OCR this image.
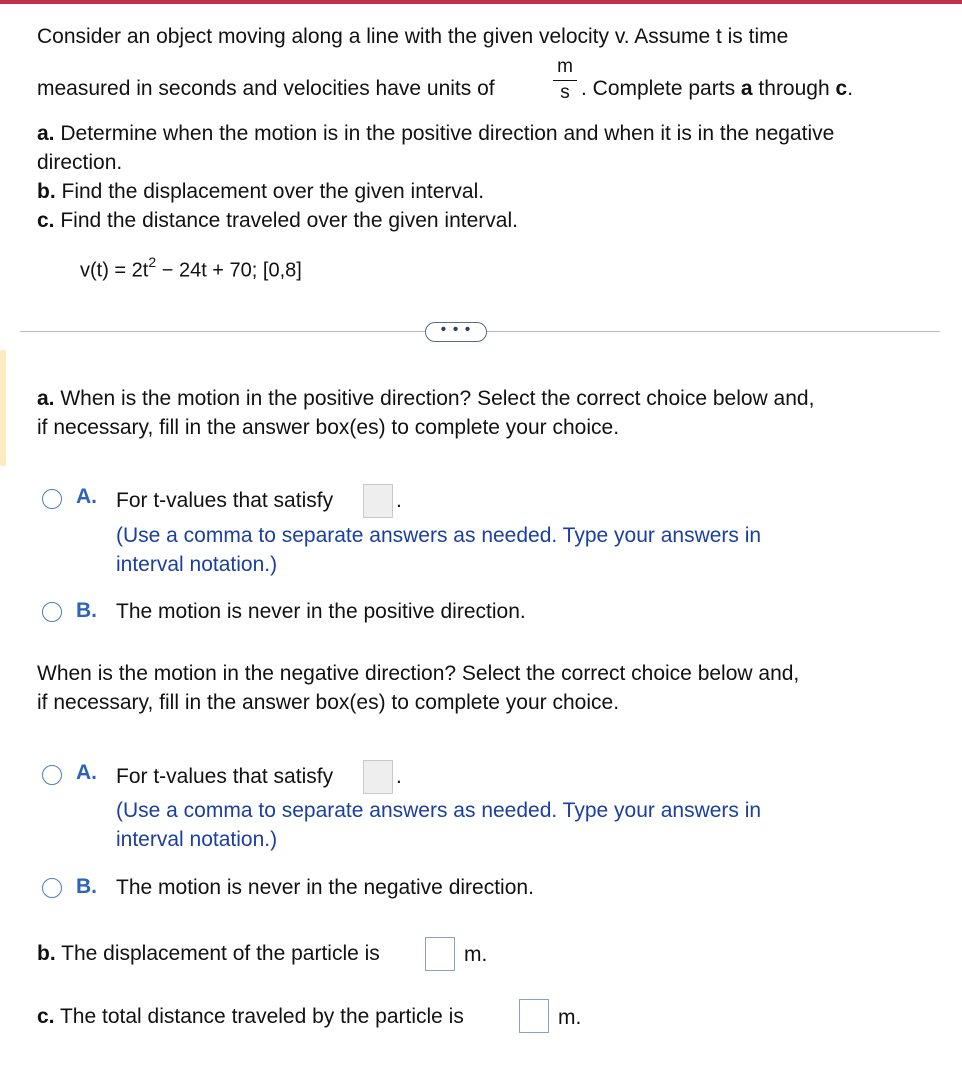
Consider an object moving along a line with the given velocity v. Assume t is time
measured in seconds and velocities have units of
m
s . Complete parts a through c.
a. Determine when the motion is in the positive direction and when it is in the negative
direction.
b. Find the displacement over the given interval.
c. Find the distance traveled over the given interval.
$v(t) = 2t^2 - 24t + 70$; [0,8]
• • •
a. When is the motion in the positive direction? Select the correct choice below and,
if necessary, fill in the answer box(es) to complete your choice.
A. For t-values that satisfy	.
(Use a comma to separate answers as needed. Type your answers in
interval notation.)
B. The motion is never in the positive direction.
When is the motion in the negative direction? Select the correct choice below and,
if necessary, fill in the answer box(es) to complete your choice.
A. For t-values that satisfy	.
(Use a comma to separate answers as needed. Type your answers in
interval notation.)
B. The motion is never in the negative direction.
b. The displacement of the particle is	m.
c. The total distance traveled by the particle is	m.
